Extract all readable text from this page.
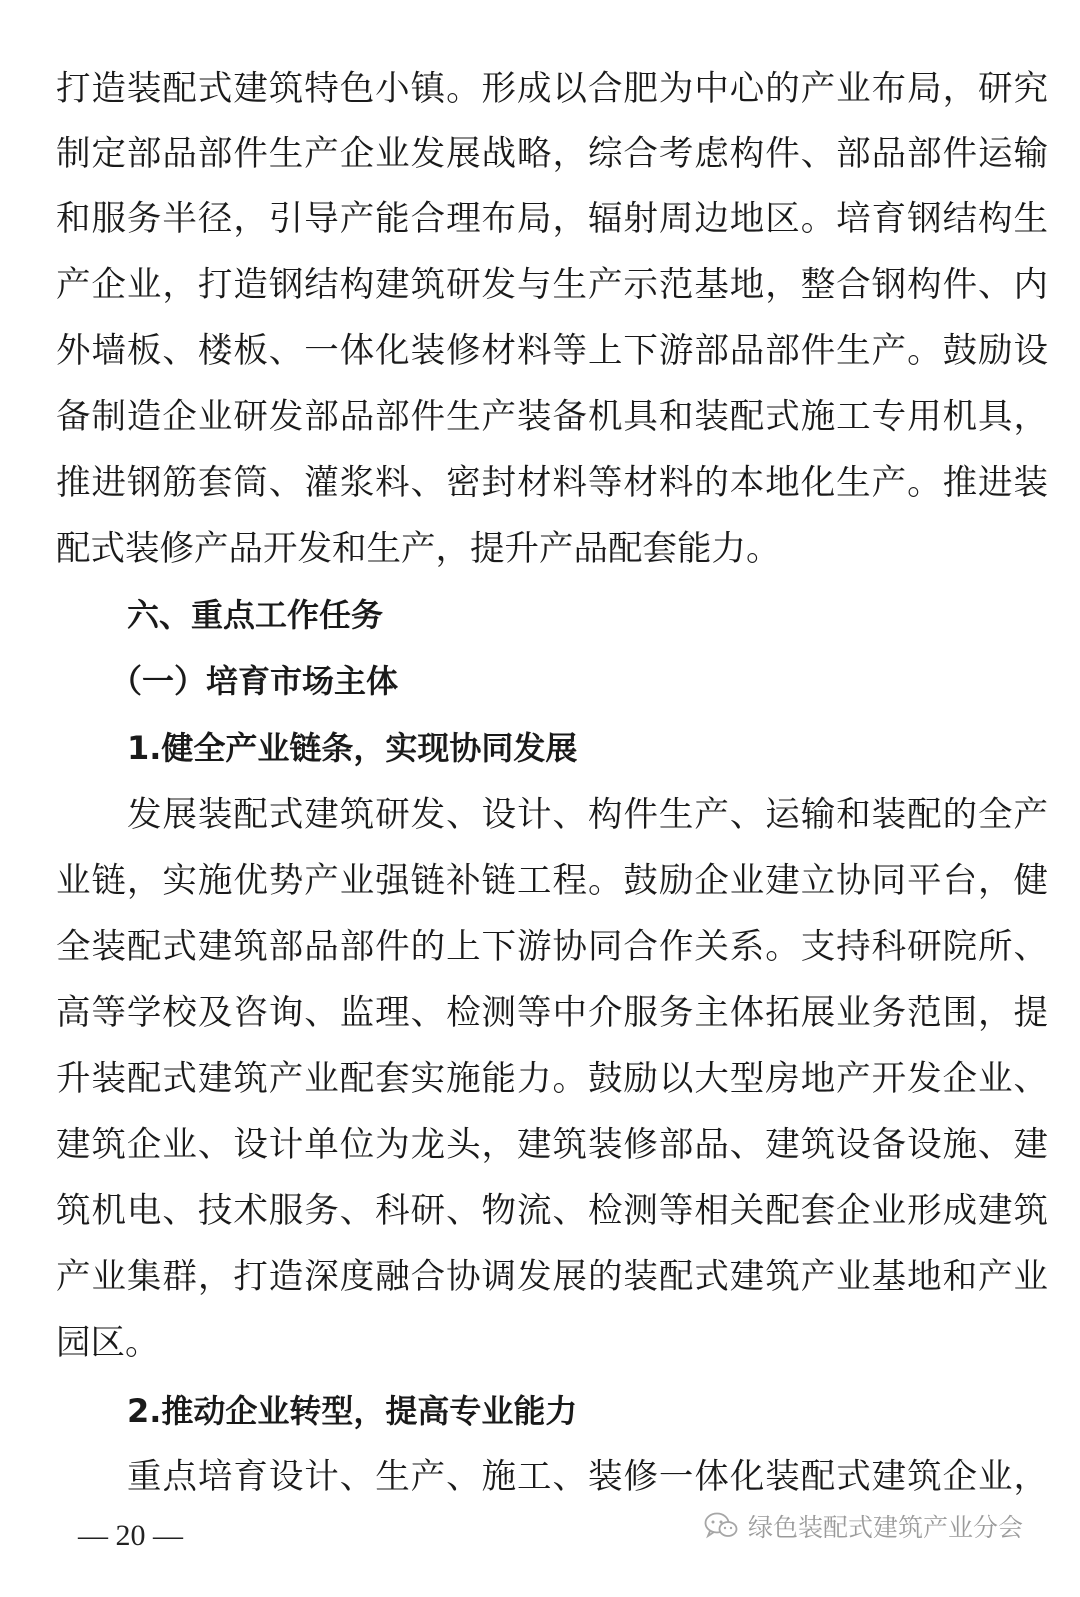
打造装配式建筑特色小镇。形成以合肥为中心的产业布局，研究
制定部品部件生产企业发展战略，综合考虑构件、部品部件运输
和服务半径，引导产能合理布局，辐射周边地区。培育钢结构生
产企业，打造钢结构建筑研发与生产示范基地，整合钢构件、内
外墙板、楼板、一体化装修材料等上下游部品部件生产。鼓励设
备制造企业研发部品部件生产装备机具和装配式施工专用机具，
推进钢筋套筒、灌浆料、密封材料等材料的本地化生产。推进装
配式装修产品开发和生产，提升产品配套能力。
六、重点工作任务
（一）培育市场主体
1.健全产业链条，实现协同发展
发展装配式建筑研发、设计、构件生产、运输和装配的全产
业链，实施优势产业强链补链工程。鼓励企业建立协同平台，健
全装配式建筑部品部件的上下游协同合作关系。支持科研院所、
高等学校及咨询、监理、检测等中介服务主体拓展业务范围，提
升装配式建筑产业配套实施能力。鼓励以大型房地产开发企业、
建筑企业、设计单位为龙头，建筑装修部品、建筑设备设施、建
筑机电、技术服务、科研、物流、检测等相关配套企业形成建筑
产业集群，打造深度融合协调发展的装配式建筑产业基地和产业
园区。
2.推动企业转型，提高专业能力
重点培育设计、生产、施工、装修一体化装配式建筑企业，
— 20 —	绿色装配式建筑产业分会
